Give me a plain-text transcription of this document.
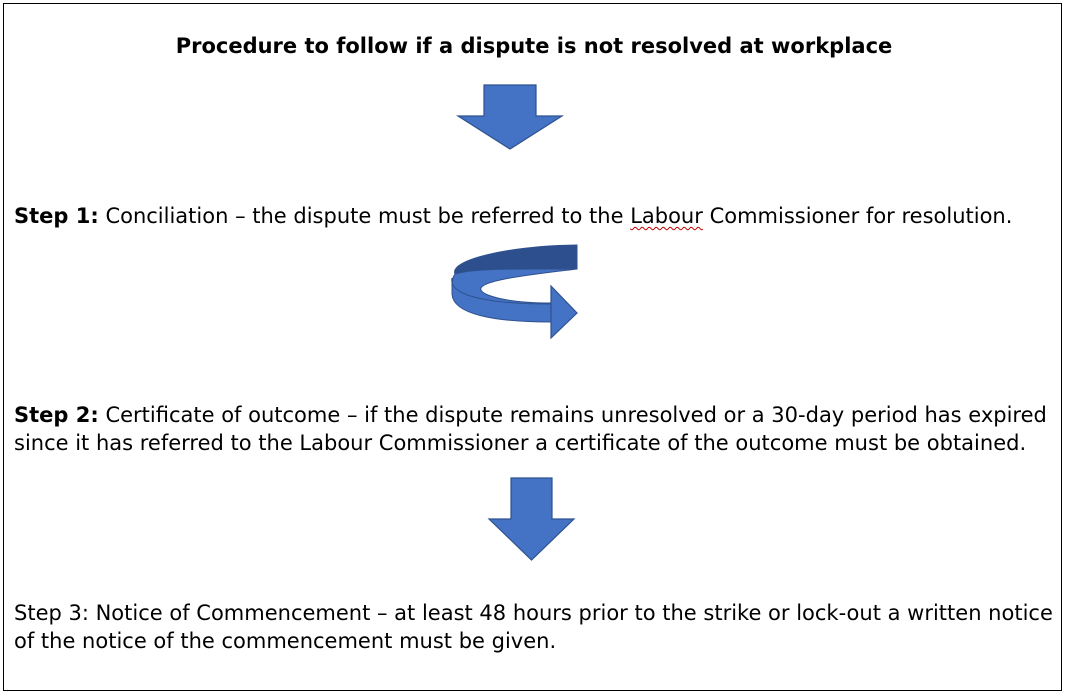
Procedure to follow if a dispute is not resolved at workplace
Step 1: Conciliation – the dispute must be referred to the Labour Commissioner for resolution.
Step 2: Certificate of outcome – if the dispute remains unresolved or a 30-day period has expired since it has referred to the Labour Commissioner a certificate of the outcome must be obtained.
Step 3: Notice of Commencement – at least 48 hours prior to the strike or lock-out a written notice of the notice of the commencement must be given.
